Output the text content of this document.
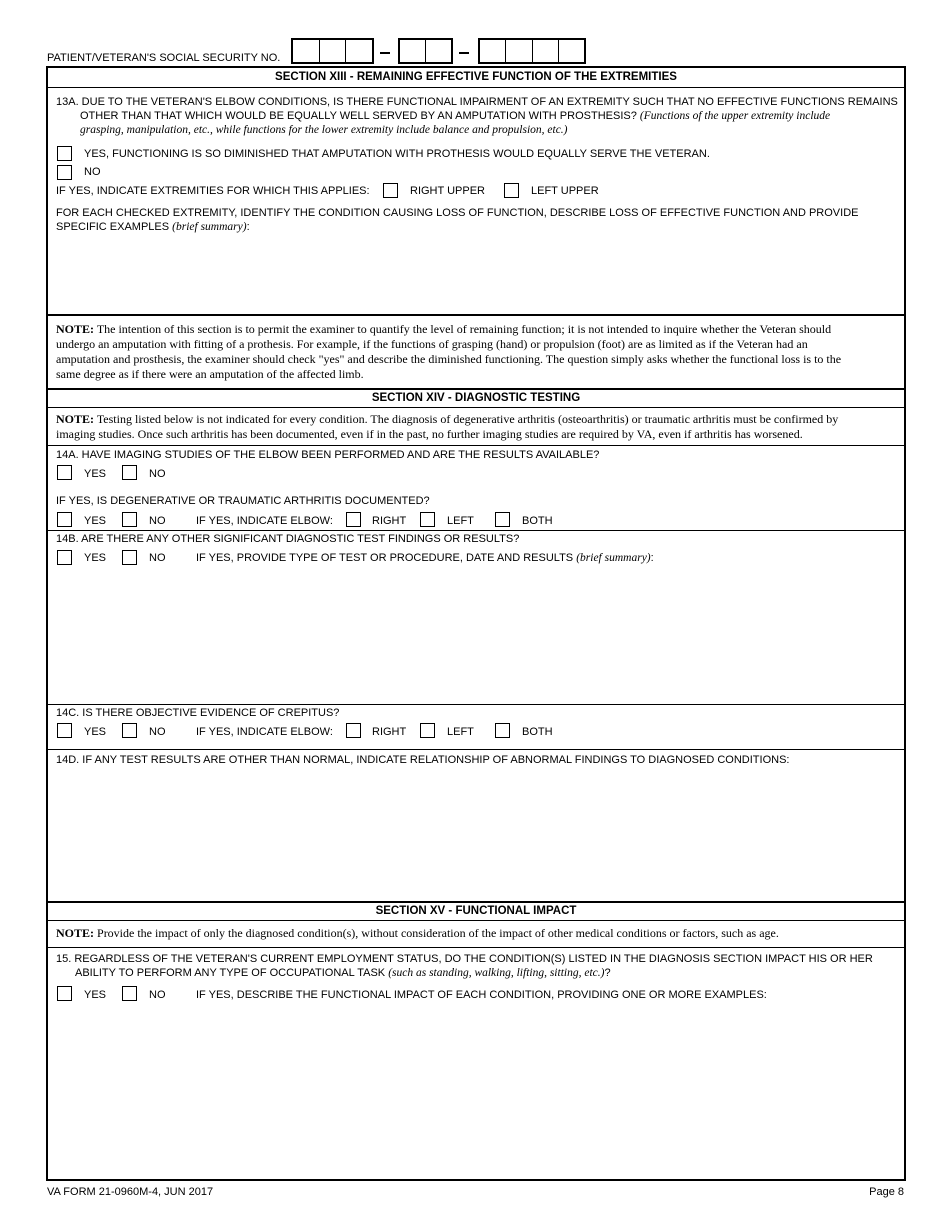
PATIENT/VETERAN'S SOCIAL SECURITY NO.
SECTION XIII - REMAINING EFFECTIVE FUNCTION OF THE EXTREMITIES
13A. DUE TO THE VETERAN'S ELBOW CONDITIONS, IS THERE FUNCTIONAL IMPAIRMENT OF AN EXTREMITY SUCH THAT NO EFFECTIVE FUNCTIONS REMAINS
OTHER THAN THAT WHICH WOULD BE EQUALLY WELL SERVED BY AN AMPUTATION WITH PROSTHESIS? (Functions of the upper extremity include
grasping, manipulation, etc., while functions for the lower extremity include balance and propulsion, etc.)
YES, FUNCTIONING IS SO DIMINISHED THAT AMPUTATION WITH PROTHESIS WOULD EQUALLY SERVE THE VETERAN.
NO
IF YES, INDICATE EXTREMITIES FOR WHICH THIS APPLIES:	RIGHT UPPER	LEFT UPPER
FOR EACH CHECKED EXTREMITY, IDENTIFY THE CONDITION CAUSING LOSS OF FUNCTION, DESCRIBE LOSS OF EFFECTIVE FUNCTION AND PROVIDE
SPECIFIC EXAMPLES (brief summary):
NOTE: The intention of this section is to permit the examiner to quantify the level of remaining function; it is not intended to inquire whether the Veteran should
undergo an amputation with fitting of a prothesis. For example, if the functions of grasping (hand) or propulsion (foot) are as limited as if the Veteran had an
amputation and prosthesis, the examiner should check "yes" and describe the diminished functioning. The question simply asks whether the functional loss is to the
same degree as if there were an amputation of the affected limb.
SECTION XIV - DIAGNOSTIC TESTING
NOTE: Testing listed below is not indicated for every condition. The diagnosis of degenerative arthritis (osteoarthritis) or traumatic arthritis must be confirmed by
imaging studies. Once such arthritis has been documented, even if in the past, no further imaging studies are required by VA, even if arthritis has worsened.
14A. HAVE IMAGING STUDIES OF THE ELBOW BEEN PERFORMED AND ARE THE RESULTS AVAILABLE?
YES	NO
IF YES, IS DEGENERATIVE OR TRAUMATIC ARTHRITIS DOCUMENTED?
YES	NO	IF YES, INDICATE ELBOW:	RIGHT	LEFT	BOTH
14B. ARE THERE ANY OTHER SIGNIFICANT DIAGNOSTIC TEST FINDINGS OR RESULTS?
YES	NO	IF YES, PROVIDE TYPE OF TEST OR PROCEDURE, DATE AND RESULTS (brief summary):
14C. IS THERE OBJECTIVE EVIDENCE OF CREPITUS?
YES	NO	IF YES, INDICATE ELBOW:	RIGHT	LEFT	BOTH
14D. IF ANY TEST RESULTS ARE OTHER THAN NORMAL, INDICATE RELATIONSHIP OF ABNORMAL FINDINGS TO DIAGNOSED CONDITIONS:
SECTION XV - FUNCTIONAL IMPACT
NOTE: Provide the impact of only the diagnosed condition(s), without consideration of the impact of other medical conditions or factors, such as age.
15. REGARDLESS OF THE VETERAN'S CURRENT EMPLOYMENT STATUS, DO THE CONDITION(S) LISTED IN THE DIAGNOSIS SECTION IMPACT HIS OR HER
ABILITY TO PERFORM ANY TYPE OF OCCUPATIONAL TASK (such as standing, walking, lifting, sitting, etc.)?
YES	NO	IF YES, DESCRIBE THE FUNCTIONAL IMPACT OF EACH CONDITION, PROVIDING ONE OR MORE EXAMPLES:
VA FORM 21-0960M-4, JUN 2017	Page 8
